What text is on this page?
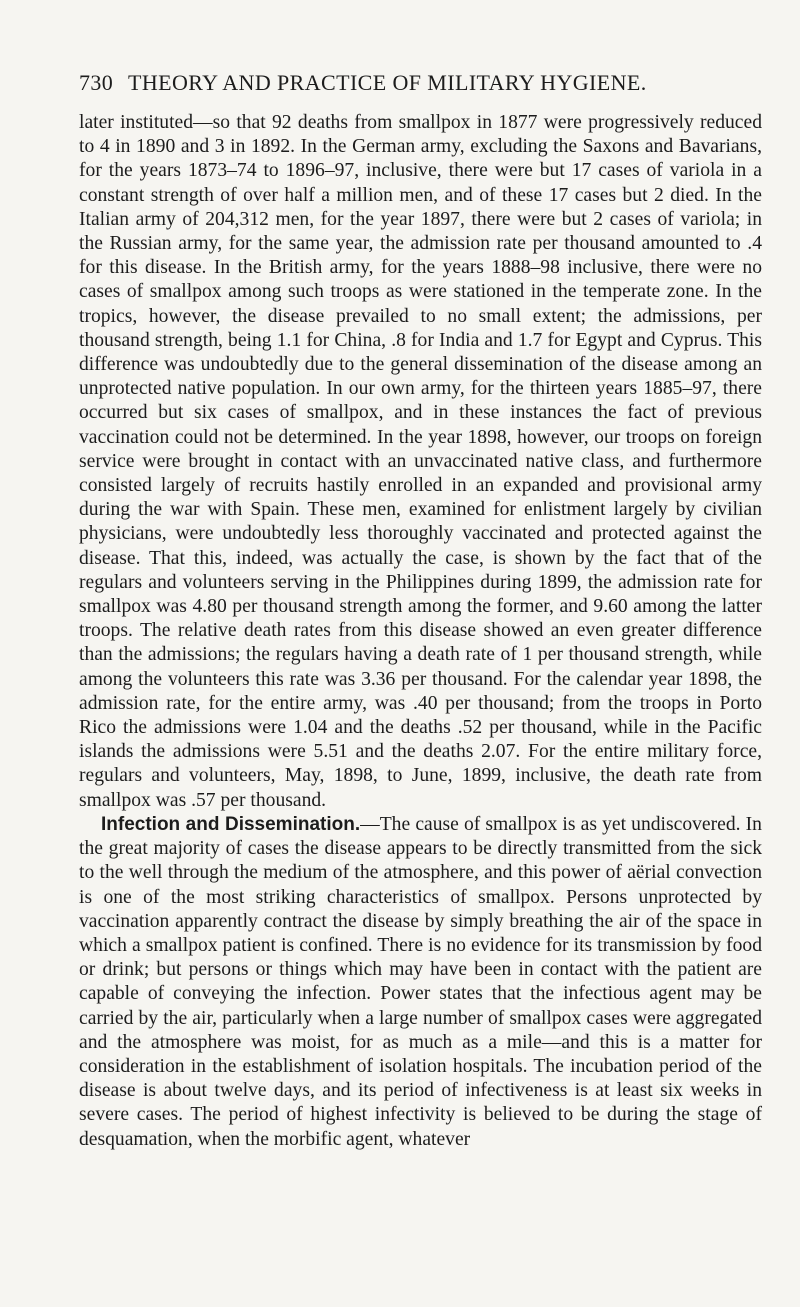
730 THEORY AND PRACTICE OF MILITARY HYGIENE.

later instituted—so that 92 deaths from smallpox in 1877 were progressively reduced to 4 in 1890 and 3 in 1892. In the German army, excluding the Saxons and Bavarians, for the years 1873–74 to 1896–97, inclusive, there were but 17 cases of variola in a constant strength of over half a million men, and of these 17 cases but 2 died. In the Italian army of 204,312 men, for the year 1897, there were but 2 cases of variola; in the Russian army, for the same year, the admission rate per thousand amounted to .4 for this disease. In the British army, for the years 1888–98 inclusive, there were no cases of smallpox among such troops as were stationed in the temperate zone. In the tropics, however, the disease prevailed to no small extent; the admissions, per thousand strength, being 1.1 for China, .8 for India and 1.7 for Egypt and Cyprus. This difference was undoubtedly due to the general dissemination of the disease among an unprotected native population. In our own army, for the thirteen years 1885–97, there occurred but six cases of smallpox, and in these instances the fact of previous vaccination could not be determined. In the year 1898, however, our troops on foreign service were brought in contact with an unvaccinated native class, and furthermore consisted largely of recruits hastily enrolled in an expanded and provisional army during the war with Spain. These men, examined for enlistment largely by civilian physicians, were undoubtedly less thoroughly vaccinated and protected against the disease. That this, indeed, was actually the case, is shown by the fact that of the regulars and volunteers serving in the Philippines during 1899, the admission rate for smallpox was 4.80 per thousand strength among the former, and 9.60 among the latter troops. The relative death rates from this disease showed an even greater difference than the admissions; the regulars having a death rate of 1 per thousand strength, while among the volunteers this rate was 3.36 per thousand. For the calendar year 1898, the admission rate, for the entire army, was .40 per thousand; from the troops in Porto Rico the admissions were 1.04 and the deaths .52 per thousand, while in the Pacific islands the admissions were 5.51 and the deaths 2.07. For the entire military force, regulars and volunteers, May, 1898, to June, 1899, inclusive, the death rate from smallpox was .57 per thousand.

Infection and Dissemination.—The cause of smallpox is as yet undiscovered. In the great majority of cases the disease appears to be directly transmitted from the sick to the well through the medium of the atmosphere, and this power of aërial convection is one of the most striking characteristics of smallpox. Persons unprotected by vaccination apparently contract the disease by simply breathing the air of the space in which a smallpox patient is confined. There is no evidence for its transmission by food or drink; but persons or things which may have been in contact with the patient are capable of conveying the infection. Power states that the infectious agent may be carried by the air, particularly when a large number of smallpox cases were aggregated and the atmosphere was moist, for as much as a mile—and this is a matter for consideration in the establishment of isolation hospitals. The incubation period of the disease is about twelve days, and its period of infectiveness is at least six weeks in severe cases. The period of highest infectivity is believed to be during the stage of desquamation, when the morbific agent, whatever
